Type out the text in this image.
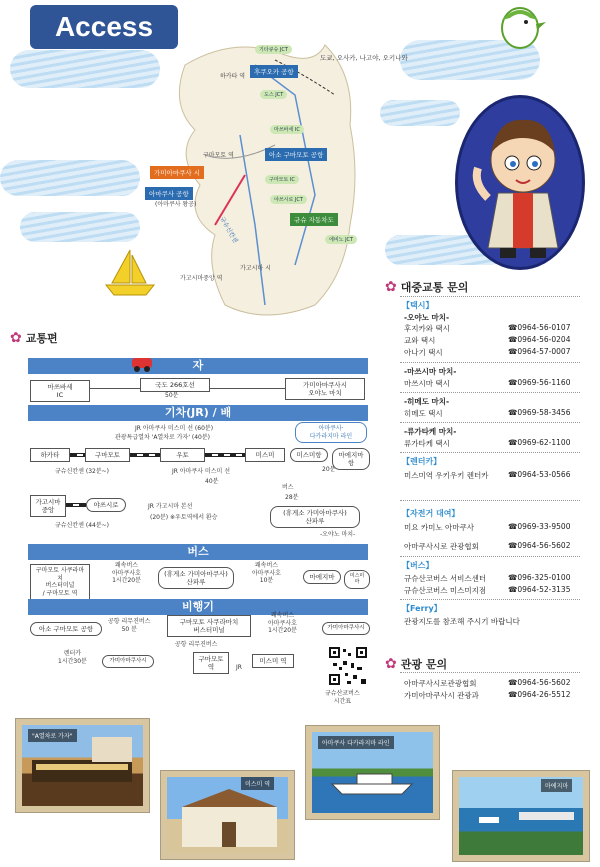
Access
도쿄, 오사카, 나고야, 오키나와
후쿠오카 공항
하카타 역
구마모토 역	아소 구마모토 공항
가미아마쿠사 시
아마쿠사 공항
(아마쿠사 왕공)
규슈 자동차도
규슈신칸센
가고시마중앙 역
가고시마 시
기타큐슈 JCT
도스 JCT
마쓰바세 IC
구마모토 IC
야쓰시로 JCT
에비노 JCT
✿ 교통편
자
마쓰바세
IC
국도 266호선
50분
가미아마쿠사시
오야노 마치
기차(JR) / 배
JR 아마쿠사 미스미 선 (60분)
관광특급열차 'A열차로 가자' (40분)
하카타	구마모토	우토	미스미
규슈신칸센 (32분~)	JR 아마쿠사 미스미 선
40분
아마쿠사·
다카라지마 라인
미스미항	마에지마항
20분
가고시마
중앙
야쓰시로	JR 가고시마 본선
(20분) ※우토역에서 환승
규슈신칸센 (44분~)
버스
28분
(휴게소 가미아마쿠사)
산파루
-오야노 마치-
버스
구마모토 사쿠라마치
버스터미널
/ 구마모토 역
쾌속버스
아마쿠사호
1시간20분
(휴게소 가미아마쿠사)
산파루
쾌속버스
아마쿠사호
10분	마에지마	미스미마
비행기
아소 구마모토 공항
공항 리무진버스
50 분
구마모토 사쿠라마치
버스터미널
쾌속버스
아마쿠사호
1시간20분	가미아마쿠사시
렌터카
1시간30분	가미아마쿠사시
공항 리무진버스
구마모토
역	JR
미스미 역
규슈산코버스
시간표
✿ 대중교통 문의
【택시】
-오야노 마치-
후지카와 택시	☎0964-56-0107
교와 택시	☎0964-56-0204
아나기 택시	☎0964-57-0007
-마쓰시마 마치-
마쓰시마 택시	☎0969-56-1160
-히메도 마치-
히메도 택시	☎0969-58-3456
-류가타케 마치-
류가타케 택시	☎0969-62-1100
【렌터카】
미스미역 우키우키 렌터카	☎0964-53-0566
【자전거 대여】
미요 카미노 아마쿠사	☎0969-33-9500
아마쿠사시로 관광협회	☎0964-56-5602
【버스】
규슈산코버스 서비스센터	☎096-325-0100
규슈산코버스 미스미지점	☎0964-52-3135
【Ferry】
관광지도를 참조해 주시기 바랍니다
✿ 관광 문의
아마쿠사시로관광협회	☎0964-56-5602
가미아마쿠사시 관광과	☎0964-26-5512
"A열차로 가자"
미스미 역
아마쿠사 다카라지마 라인
마에지마
